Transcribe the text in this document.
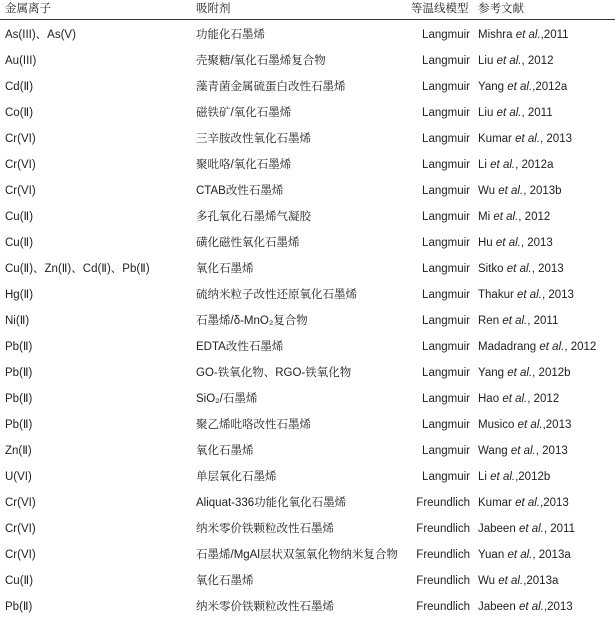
金属离子	吸附剂	等温线模型 参考文献
As(III)、As(V)	功能化石墨烯	Langmuir Mishra et al.,2011
Au(III)	壳聚糖/氧化石墨烯复合物	Langmuir Liu et al., 2012
Cd(Ⅱ)	藻青菌金属硫蛋白改性石墨烯	Langmuir Yang et al.,2012a
Co(Ⅱ)	磁铁矿/氧化石墨烯	Langmuir Liu et al., 2011
Cr(VI)	三辛胺改性氧化石墨烯	Langmuir Kumar et al., 2013
Cr(VI)	聚吡咯/氧化石墨烯	Langmuir Li et al., 2012a
Cr(VI)	CTAB改性石墨烯	Langmuir Wu et al., 2013b
Cu(Ⅱ)	多孔氧化石墨烯气凝胶	Langmuir Mi et al., 2012
Cu(Ⅱ)	磺化磁性氧化石墨烯	Langmuir Hu et al., 2013
Cu(Ⅱ)、Zn(Ⅱ)、Cd(Ⅱ)、Pb(Ⅱ)	氧化石墨烯	Langmuir Sitko et al., 2013
Hg(Ⅱ)	硫纳米粒子改性还原氧化石墨烯	Langmuir Thakur et al., 2013
Ni(Ⅱ)	石墨烯/δ-MnO₂复合物	Langmuir Ren et al., 2011
Pb(Ⅱ)	EDTA改性石墨烯	Langmuir Madadrang et al., 2012
Pb(Ⅱ)	GO-铁氧化物、RGO-铁氧化物	Langmuir Yang et al., 2012b
Pb(Ⅱ)	SiO₂/石墨烯	Langmuir Hao et al., 2012
Pb(Ⅱ)	聚乙烯吡咯改性石墨烯	Langmuir Musico et al.,2013
Zn(Ⅱ)	氧化石墨烯	Langmuir Wang et al., 2013
U(VI)	单层氧化石墨烯	Langmuir Li et al.,2012b
Cr(VI)	Aliquat-336功能化氧化石墨烯	Freundlich Kumar et al.,2013
Cr(VI)	纳米零价铁颗粒改性石墨烯	Freundlich Jabeen et al., 2011
Cr(VI)	石墨烯/MgAl层状双氢氧化物纳米复合物	Freundlich Yuan et al., 2013a
Cu(Ⅱ)	氧化石墨烯	Freundlich Wu et al.,2013a
Pb(Ⅱ)	纳米零价铁颗粒改性石墨烯	Freundlich Jabeen et al.,2013
